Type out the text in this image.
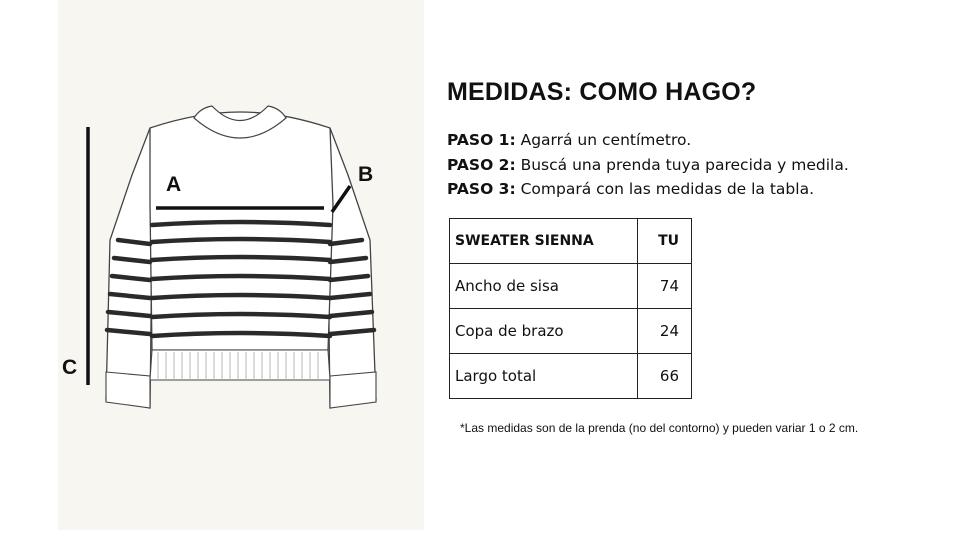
A	B
C
MEDIDAS: COMO HAGO?
PASO 1: Agarrá un centímetro.
PASO 2: Buscá una prenda tuya parecida y medila.
PASO 3: Compará con las medidas de la tabla.
SWEATER SIENNA	TU
Ancho de sisa	74
Copa de brazo	24
Largo total	66
*Las medidas son de la prenda (no del contorno) y pueden variar 1 o 2 cm.
